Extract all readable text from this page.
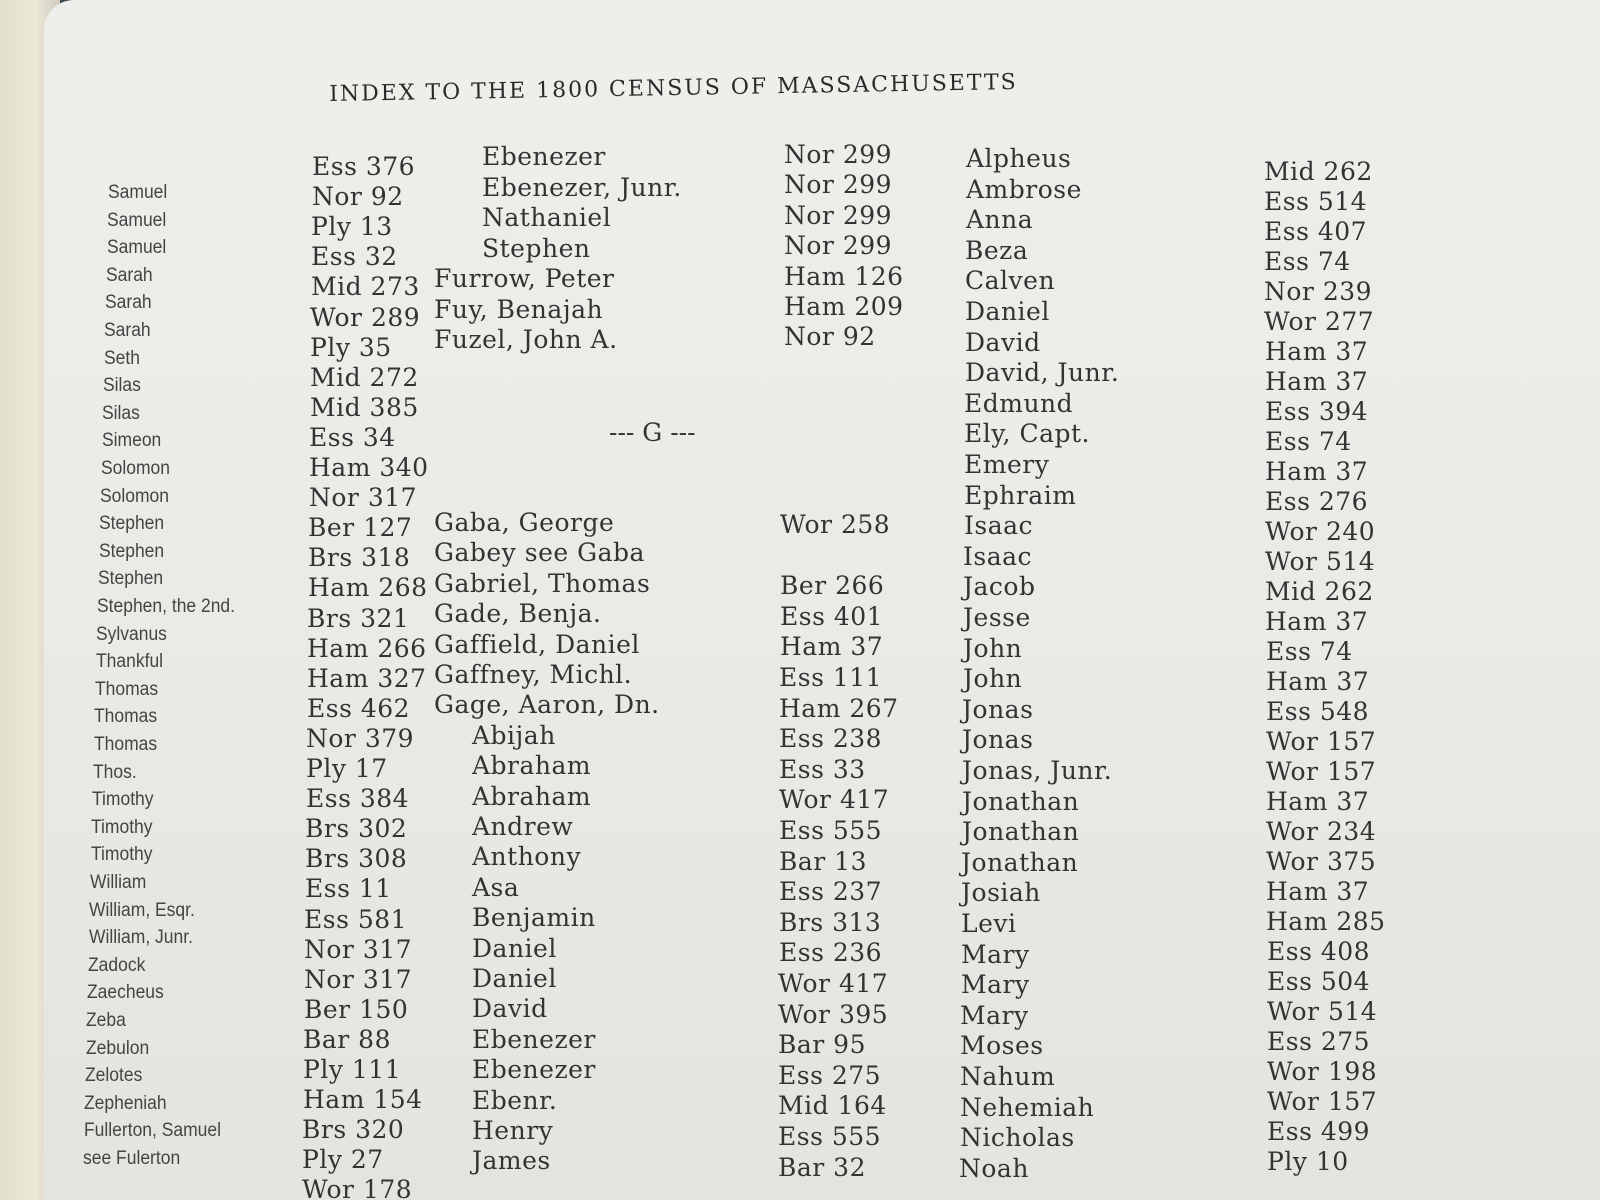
INDEX TO THE 1800 CENSUS OF MASSACHUSETTS
Samuel
Samuel
Samuel
Sarah
Sarah
Sarah
Seth
Silas
Silas
Simeon
Solomon
Solomon
Stephen
Stephen
Stephen
Stephen, the 2nd.
Sylvanus
Thankful
Thomas
Thomas
Thomas
Thos.
Timothy
Timothy
Timothy
William
William, Esqr.
William, Junr.
Zadock
Zaecheus
Zeba
Zebulon
Zelotes
Zepheniah
Fullerton, Samuel
see Fulerton
Ess 376
Nor 92
Ply 13
Ess 32
Mid 273
Wor 289
Ply 35
Mid 272
Mid 385
Ess 34
Ham 340
Nor 317
Ber 127
Brs 318
Ham 268
Brs 321
Ham 266
Ham 327
Ess 462
Nor 379
Ply 17
Ess 384
Brs 302
Brs 308
Ess 11
Ess 581
Nor 317
Nor 317
Ber 150
Bar 88
Ply 111
Ham 154
Brs 320
Ply 27
Wor 178
Ebenezer
Ebenezer, Junr.
Nathaniel
Stephen
Furrow, Peter
Fuy, Benajah
Fuzel, John A.
Nor 299
Nor 299
Nor 299
Nor 299
Ham 126
Ham 209
Nor 92
--- G ---
Gaba, George
Gabey see Gaba
Gabriel, Thomas
Gade, Benja.
Gaffield, Daniel
Gaffney, Michl.
Gage, Aaron, Dn.
Abijah
Abraham
Abraham
Andrew
Anthony
Asa
Benjamin
Daniel
Daniel
David
Ebenezer
Ebenezer
Ebenr.
Henry
James
Wor 258
Ber 266
Ess 401
Ham 37
Ess 111
Ham 267
Ess 238
Ess 33
Wor 417
Ess 555
Bar 13
Ess 237
Brs 313
Ess 236
Wor 417
Wor 395
Bar 95
Ess 275
Mid 164
Ess 555
Bar 32
Alpheus
Ambrose
Anna
Beza
Calven
Daniel
David
David, Junr.
Edmund
Ely, Capt.
Emery
Ephraim
Isaac
Isaac
Jacob
Jesse
John
John
Jonas
Jonas
Jonas, Junr.
Jonathan
Jonathan
Jonathan
Josiah
Levi
Mary
Mary
Mary
Moses
Nahum
Nehemiah
Nicholas
Noah
Mid 262
Ess 514
Ess 407
Ess 74
Nor 239
Wor 277
Ham 37
Ham 37
Ess 394
Ess 74
Ham 37
Ess 276
Wor 240
Wor 514
Mid 262
Ham 37
Ess 74
Ham 37
Ess 548
Wor 157
Wor 157
Ham 37
Wor 234
Wor 375
Ham 37
Ham 285
Ess 408
Ess 504
Wor 514
Ess 275
Wor 198
Wor 157
Ess 499
Ply 10
